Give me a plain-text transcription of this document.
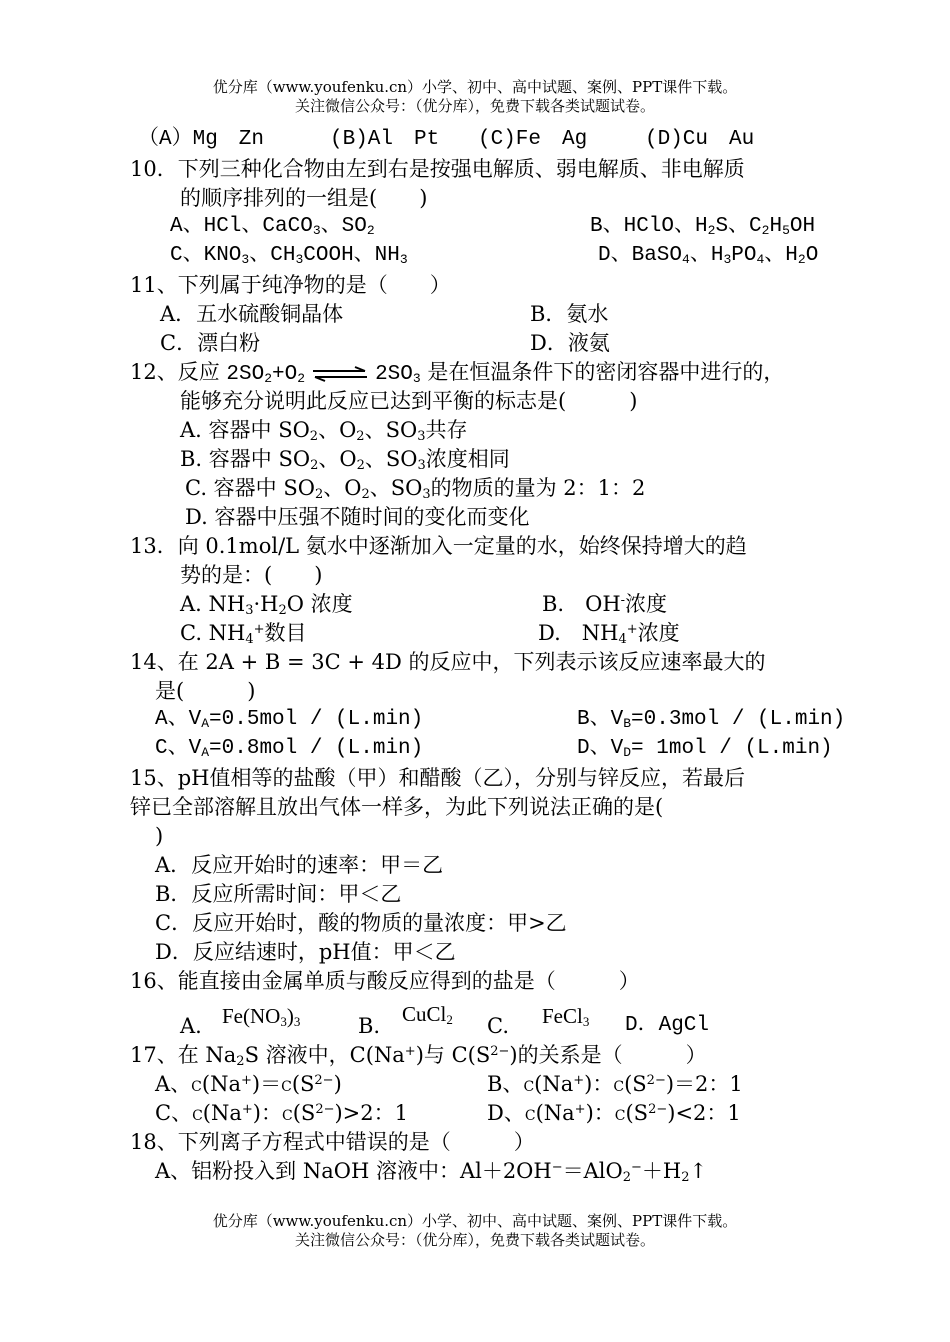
优分库（www.youfenku.cn）小学、初中、高中试题、案例、PPT课件下载。
关注微信公众号：（优分库），免费下载各类试题试卷。
（A）Mg　Zn	(B)Al　Pt (C)Fe　Ag	(D)Cu　Au
10．下列三种化合物由左到右是按强电解质、弱电解质、非电解质
的顺序排列的一组是(　　)
A、HCl、CaCO$_3$、$SO_2$	B、HClO、$H_2S$、$C_2H_5OH$
C、$KNO_3$、$CH_3COOH$、$NH_3$	D、BaSO$_4$、$H_3PO_4$、$H_2O$
11、下列属于纯净物的是（　　）
A．五水硫酸铜晶体	B．氨水
C．漂白粉	D．液氨
12、反应 $2SO_2+O_2$ ⇌ $2SO_3$ 是在恒温条件下的密闭容器中进行的，
能够充分说明此反应已达到平衡的标志是(　　　)
A. 容器中 $SO_2$、$O_2$、$SO_3$共存
B. 容器中 $SO_2$、$O_2$、$SO_3$浓度相同
C. 容器中 $SO_2$、$O_2$、$SO_3$的物质的量为 2：1：2
D. 容器中压强不随时间的变化而变化
13．向 0.1mol/L 氨水中逐渐加入一定量的水，始终保持增大的趋
势的是：(　　)
A. $NH_3\cdot H_2O$ 浓度	B.　OH-浓度
C. $NH_4^+$数目	D.　$NH_4^+$浓度
14、在 2A + B = 3C + 4D 的反应中，下列表示该反应速率最大的
是(　　　)
A、$V_A=0.5mol / (L.\min)$	B、$V_B=0.3mol / (L.\min)$
C、$V_A=0.8mol / (L.\min)$	D、$V_D= 1mol / (L.\min)$
15、pH值相等的盐酸（甲）和醋酸（乙），分别与锌反应，若最后
锌已全部溶解且放出气体一样多，为此下列说法正确的是(
)
A．反应开始时的速率：甲＝乙
B．反应所需时间：甲＜乙
C．反应开始时，酸的物质的量浓度：甲>乙
D．反应结速时，pH值：甲＜乙
16、能直接由金属单质与酸反应得到的盐是（　　　）
A. $Fe(NO_3)_3$	B. CuCl$_2$ C. FeCl$_3$ D．AgCl
17、在 $Na_2S$ 溶液中，C(Na+)与 $C(S^{2-})$的关系是（　　　）
A、$C(Na^+)=C(S^{2-})$	B、C(Na+)：$C(S^{2-})=2$：1
C、C(Na+)：$C(S^{2-})>2$：1	D、C(Na+)：$C(S^{2-})<2$：1
18、下列离子方程式中错误的是（　　　）
A、铝粉投入到 NaOH 溶液中：$Al+2OH^-=AlO_2^-+H_2↑$
优分库（www.youfenku.cn）小学、初中、高中试题、案例、PPT课件下载。
关注微信公众号：（优分库），免费下载各类试题试卷。
